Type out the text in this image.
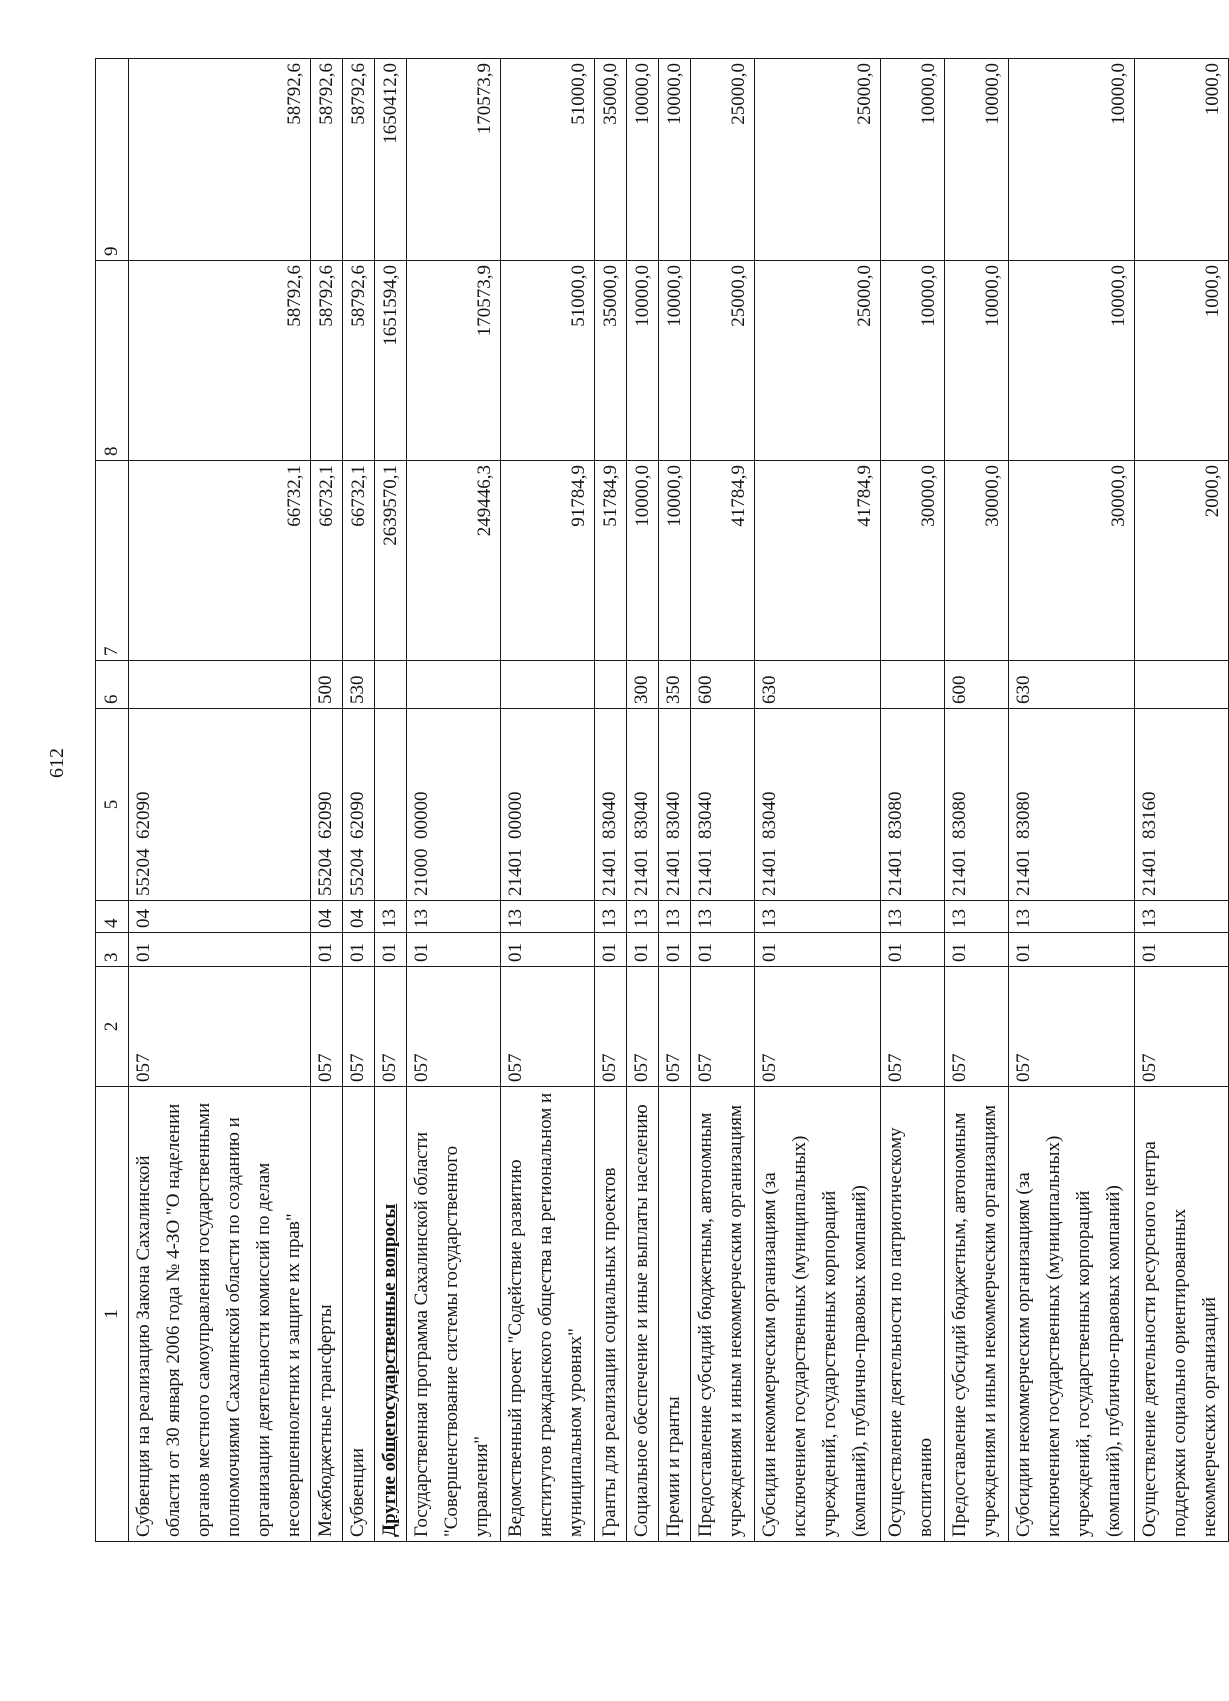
612
1	2	3	4	5	6	7	8	9
Субвенция на реализацию Закона Сахалинской области от 30 января 2006 года № 4-ЗО "О наделении органов местного самоуправления государственными полномочиями Сахалинской области по созданию и организации деятельности комиссий по делам несовершеннолетних и защите их прав"	057	01	04	55204  62090		66732,1	58792,6	58792,6
Межбюджетные трансферты	057	01	04	55204  62090	500	66732,1	58792,6	58792,6
Субвенции	057	01	04	55204  62090	530	66732,1	58792,6	58792,6
Другие общегосударственные вопросы	057	01	13			2639570,1	1651594,0	1650412,0
Государственная программа Сахалинской области "Совершенствование системы государственного управления"	057	01	13	21000  00000		249446,3	170573,9	170573,9
Ведомственный проект "Содействие развитию институтов гражданского общества на региональном и муниципальном уровнях"	057	01	13	21401  00000		91784,9	51000,0	51000,0
Гранты для реализации социальных проектов	057	01	13	21401  83040		51784,9	35000,0	35000,0
Социальное обеспечение и иные выплаты населению	057	01	13	21401  83040	300	10000,0	10000,0	10000,0
Премии и гранты	057	01	13	21401  83040	350	10000,0	10000,0	10000,0
Предоставление субсидий бюджетным, автономным учреждениям и иным некоммерческим организациям	057	01	13	21401  83040	600	41784,9	25000,0	25000,0
Субсидии некоммерческим организациям (за исключением государственных (муниципальных) учреждений, государственных корпораций (компаний), публично-правовых компаний)	057	01	13	21401  83040	630	41784,9	25000,0	25000,0
Осуществление деятельности по патриотическому воспитанию	057	01	13	21401  83080		30000,0	10000,0	10000,0
Предоставление субсидий бюджетным, автономным учреждениям и иным некоммерческим организациям	057	01	13	21401  83080	600	30000,0	10000,0	10000,0
Субсидии некоммерческим организациям (за исключением государственных (муниципальных) учреждений, государственных корпораций (компаний), публично-правовых компаний)	057	01	13	21401  83080	630	30000,0	10000,0	10000,0
Осуществление деятельности ресурсного центра поддержки социально ориентированных некоммерческих организаций	057	01	13	21401  83160		2000,0	1000,0	1000,0
